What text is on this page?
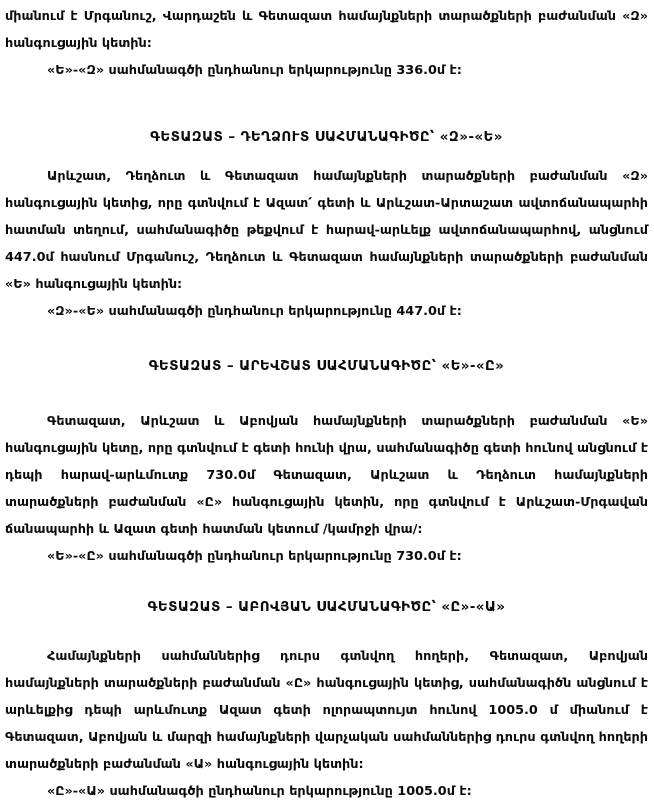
միանում է Մրգանուշ, Վարդաշեն և Գետազատ համայնքների տարածքների բաժանման «Զ» հանգուցային կետին:

«Ե»-«Զ» սահմանագծի ընդհանուր երկարությունը 336.0մ է:

ԳԵՏԱԶԱՏ – ԴԵՂՁՈՒՏ ՍԱՀՄԱՆԱԳԻԾԸ՝ «Զ»-«Ե»

Արևշատ, Դեղձուտ և Գետազատ համայնքների տարածքների բաժանման «Զ» հանգուցային կետից, որը գտնվում է Ազատ՛ գետի և Արևշատ-Արտաշատ ավտոճանապարհի հատման տեղում, սահմանագիծը թեքվում է հարավ-արևելք ավտոճանապարհով, անցնում 447.0մ հասնում Մրգանուշ, Դեղձուտ և Գետազատ համայնքների տարածքների բաժանման «Ե» հանգուցային կետին:

«Զ»-«Ե» սահմանագծի ընդհանուր երկարությունը 447.0մ է:

ԳԵՏԱԶԱՏ – ԱՐԵՎՇԱՏ ՍԱՀՄԱՆԱԳԻԾԸ՝ «Ե»-«Ը»

Գետազատ, Արևշատ և Աբովյան համայնքների տարածքների բաժանման «Ե» հանգուցային կետը, որը գտնվում է գետի հունի վրա, սահմանագիծը գետի հունով անցնում է դեպի հարավ-արևմուտք 730.0մ Գետազատ, Արևշատ և Դեղձուտ համայնքների տարածքների բաժանման «Ը» հանգուցային կետին, որը գտնվում է Արևշատ-Մրգավան ճանապարհի և Ազատ գետի հատման կետում /կամրջի վրա/:

«Ե»-«Ը» սահմանագծի ընդհանուր երկարությունը 730.0մ է:

ԳԵՏԱԶԱՏ – ԱԲՈՎՅԱՆ ՍԱՀՄԱՆԱԳԻԾԸ՝ «Ը»-«Ա»

Համայնքների սահմաններից դուրս գտնվող հողերի, Գետազատ, Աբովյան համայնքների տարածքների բաժանման «Ը» հանգուցային կետից, սահմանագիծն անցնում է արևելքից դեպի արևմուտք Ազատ գետի ոլորապտույտ հունով 1005.0 մ միանում է Գետազատ, Աբովյան և մարզի համայնքների վարչական սահմաններից դուրս գտնվող հողերի տարածքների բաժանման «Ա» հանգուցային կետին:

«Ը»-«Ա» սահմանագծի ընդհանուր երկարությունը 1005.0մ է:
